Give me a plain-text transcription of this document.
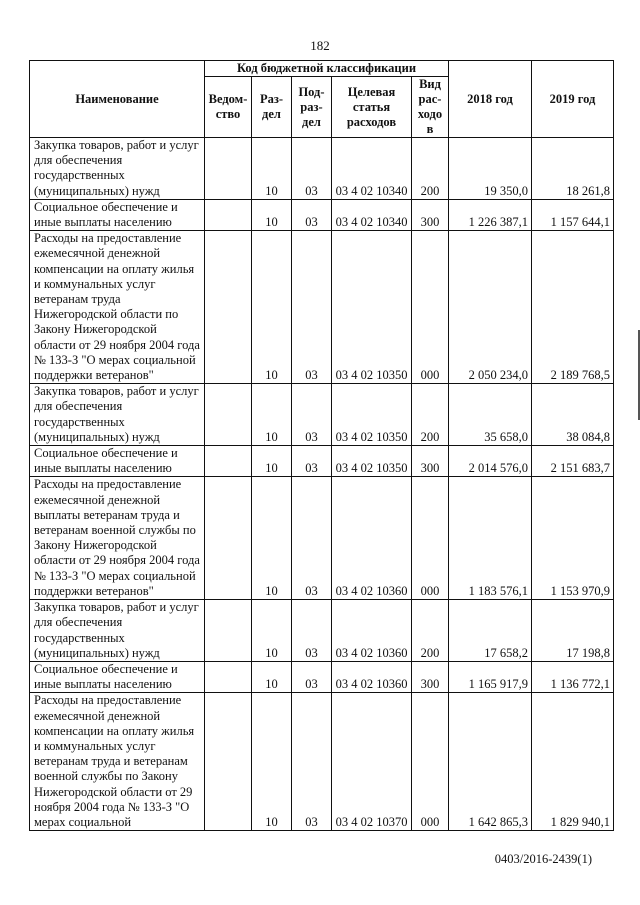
182
Наименование	Код бюджетной классификации					2018 год	2019 год

	Ведом-ство	Раз-дел	Под-раз-дел	Целевая статья расходов	Вид рас-ходов		

Закупка товаров, работ и услуг для обеспечения государственных (муниципальных) нужд		10	03	03 4 02 10340	200	19 350,0	18 261,8
Социальное обеспечение и иные выплаты населению		10	03	03 4 02 10340	300	1 226 387,1	1 157 644,1
Расходы на предоставление ежемесячной денежной компенсации на оплату жилья и коммунальных услуг ветеранам труда Нижегородской области по Закону Нижегородской области от 29 ноября 2004 года № 133-З "О мерах социальной поддержки ветеранов"		10	03	03 4 02 10350	000	2 050 234,0	2 189 768,5
Закупка товаров, работ и услуг для обеспечения государственных (муниципальных) нужд		10	03	03 4 02 10350	200	35 658,0	38 084,8
Социальное обеспечение и иные выплаты населению		10	03	03 4 02 10350	300	2 014 576,0	2 151 683,7
Расходы на предоставление ежемесячной денежной выплаты ветеранам труда и ветеранам военной службы по Закону Нижегородской области от 29 ноября 2004 года № 133-З "О мерах социальной поддержки ветеранов"		10	03	03 4 02 10360	000	1 183 576,1	1 153 970,9
Закупка товаров, работ и услуг для обеспечения государственных (муниципальных) нужд		10	03	03 4 02 10360	200	17 658,2	17 198,8
Социальное обеспечение и иные выплаты населению		10	03	03 4 02 10360	300	1 165 917,9	1 136 772,1
Расходы на предоставление ежемесячной денежной компенсации на оплату жилья и коммунальных услуг ветеранам труда и ветеранам военной службы по Закону Нижегородской области от 29 ноября 2004 года № 133-З "О мерах социальной		10	03	03 4 02 10370	000	1 642 865,3	1 829 940,1
0403/2016-2439(1)
